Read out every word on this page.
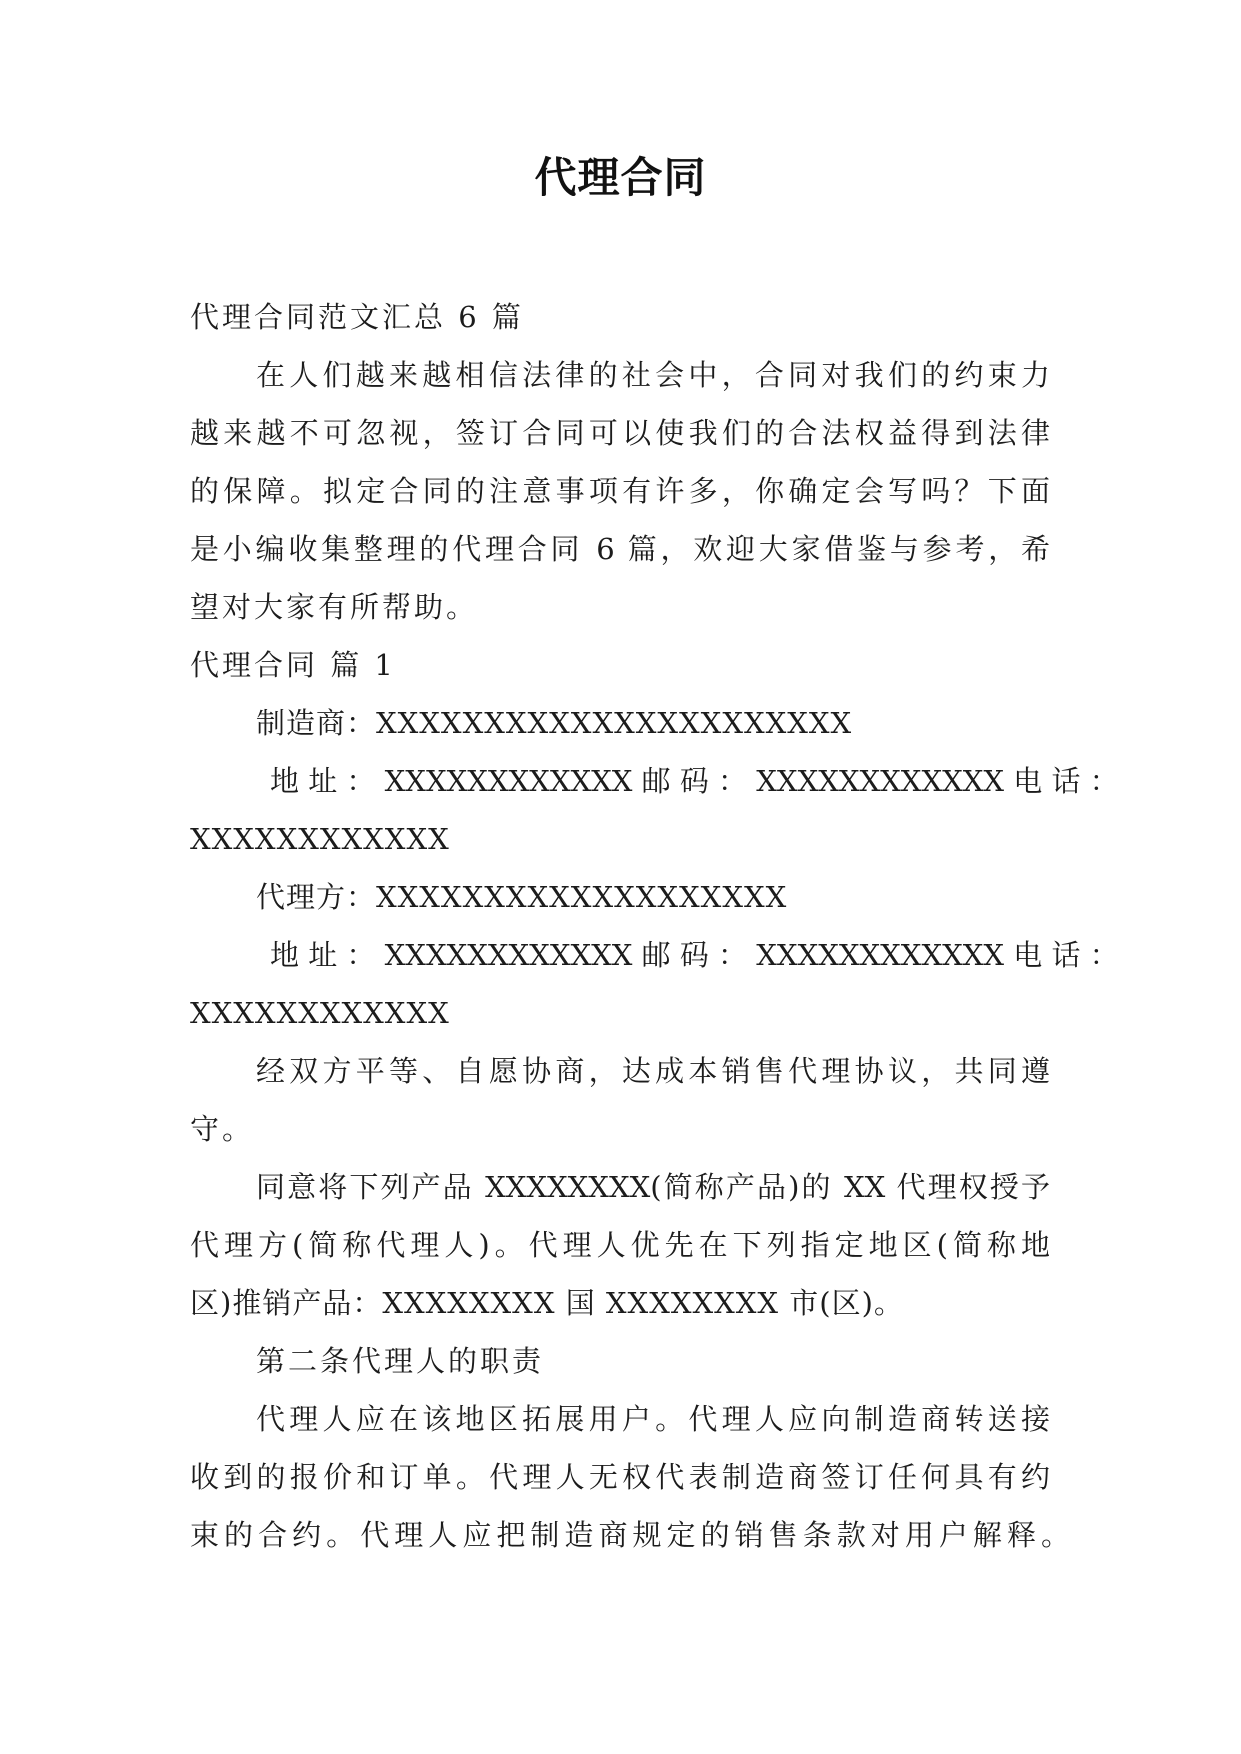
代理合同
代理合同范文汇总 6 篇
在人们越来越相信法律的社会中，合同对我们的约束力
越来越不可忽视，签订合同可以使我们的合法权益得到法律
的保障。拟定合同的注意事项有许多，你确定会写吗？下面
是小编收集整理的代理合同 6 篇，欢迎大家借鉴与参考，希
望对大家有所帮助。
代理合同 篇 1
制造商：XXXXXXXXXXXXXXXXXXXXXX
地 址 ： XXXXXXXXXXXX 邮 码 ： XXXXXXXXXXXX 电 话 ：
XXXXXXXXXXXX
代理方：XXXXXXXXXXXXXXXXXXX
地 址 ： XXXXXXXXXXXX 邮 码 ： XXXXXXXXXXXX 电 话 ：
XXXXXXXXXXXX
经双方平等、自愿协商，达成本销售代理协议，共同遵
守。
同意将下列产品 XXXXXXXX(简称产品)的 XX 代理权授予
代理方(简称代理人)。代理人优先在下列指定地区(简称地
区)推销产品：XXXXXXXX 国 XXXXXXXX 市(区)。
第二条代理人的职责
代理人应在该地区拓展用户。代理人应向制造商转送接
收到的报价和订单。代理人无权代表制造商签订任何具有约
束的合约。代理人应把制造商规定的销售条款对用户解释。
